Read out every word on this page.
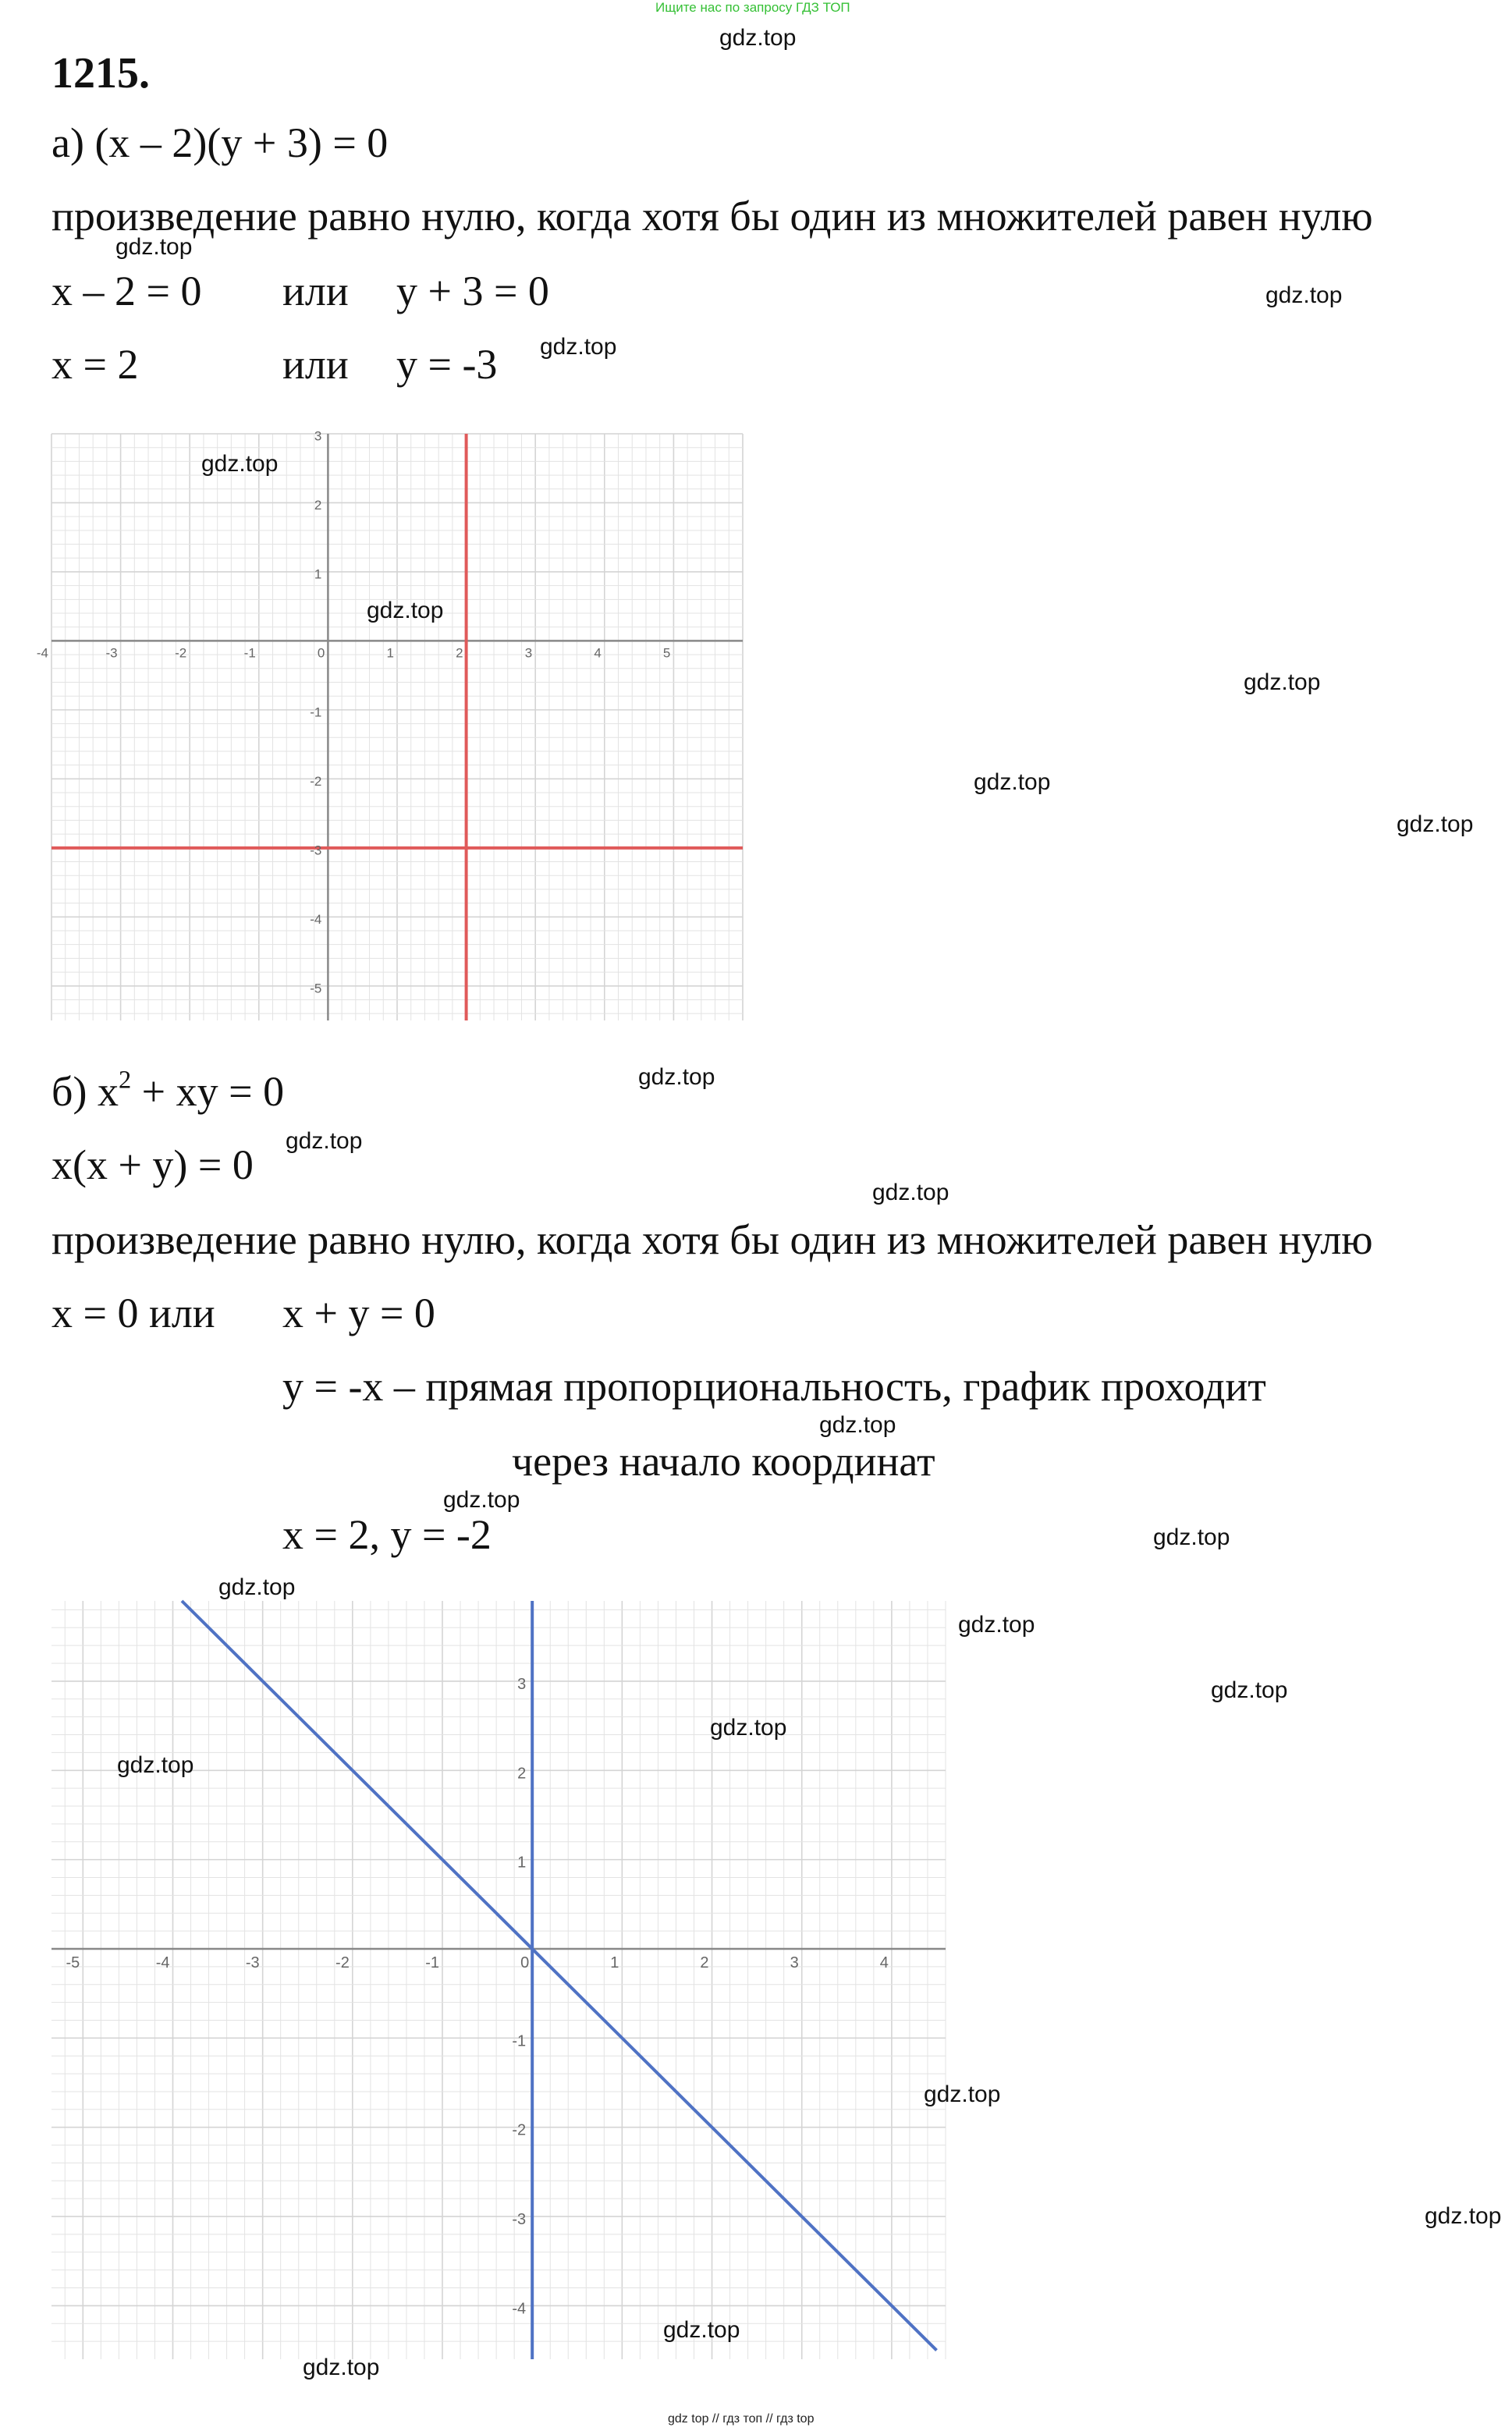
Ищите нас по запросу ГДЗ ТОП
1215.
а) (x – 2)(y + 3) = 0
произведение равно нулю, когда хотя бы один из множителей равен нулю
x – 2 = 0 или y + 3 = 0
x = 2	или y = -3
-4	-3	-2	-1	0	1	2	3	4	5
-5
-4
-3
-2
-1
1
2
3
б) $x^2$ + xy = 0
x(x + y) = 0
произведение равно нулю, когда хотя бы один из множителей равен нулю
x = 0 или x + y = 0
y = -x – прямая пропорциональность, график проходит
через начало координат
x = 2, y = -2
-5	-4	-3	-2	-1	0	1	2	3	4
-4
-3
-2
-1
1
2
3
gdz.top
gdz.top
gdz.top
gdz.top
gdz.top
gdz.top
gdz.top
gdz.top
gdz.top
gdz.top
gdz.top
gdz.top
gdz.top
gdz.top
gdz.top
gdz.top
gdz.top
gdz.top
gdz.top
gdz.top
gdz.top
gdz.top
gdz.top
gdz.top
gdz top // гдз топ // гдз top
